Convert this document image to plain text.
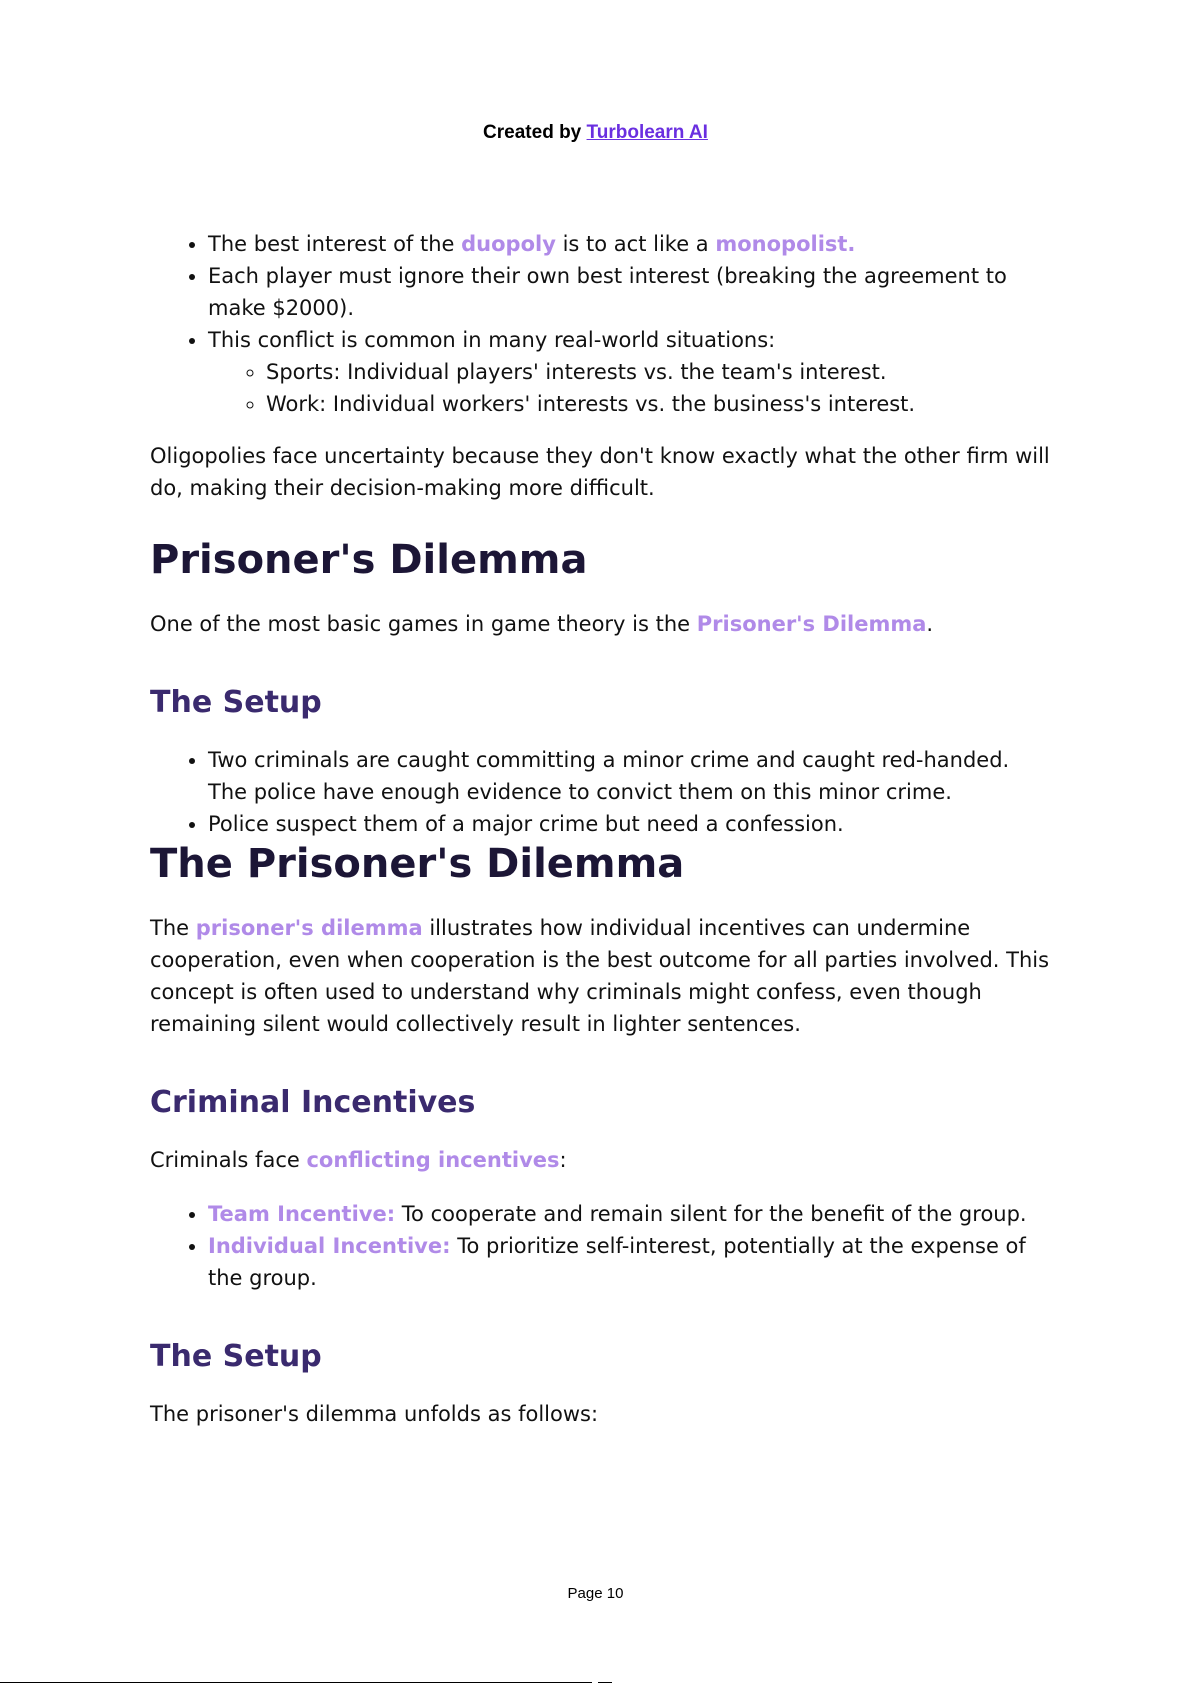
Created by Turbolearn AI
• The best interest of the duopoly is to act like a monopolist.
• Each player must ignore their own best interest (breaking the agreement to make $2000).
• This conflict is common in many real-world situations:
◦ Sports: Individual players' interests vs. the team's interest.
◦ Work: Individual workers' interests vs. the business's interest.

Oligopolies face uncertainty because they don't know exactly what the other firm will do, making their decision-making more difficult.

Prisoner's Dilemma

One of the most basic games in game theory is the Prisoner's Dilemma.

The Setup
• Two criminals are caught committing a minor crime and caught red-handed. The police have enough evidence to convict them on this minor crime.
• Police suspect them of a major crime but need a confession.
The Prisoner's Dilemma

The prisoner's dilemma illustrates how individual incentives can undermine cooperation, even when cooperation is the best outcome for all parties involved. This concept is often used to understand why criminals might confess, even though remaining silent would collectively result in lighter sentences.

Criminal Incentives

Criminals face conflicting incentives:

• Team Incentive: To cooperate and remain silent for the benefit of the group.
• Individual Incentive: To prioritize self-interest, potentially at the expense of the group.
The Setup

The prisoner's dilemma unfolds as follows:

Page 10
